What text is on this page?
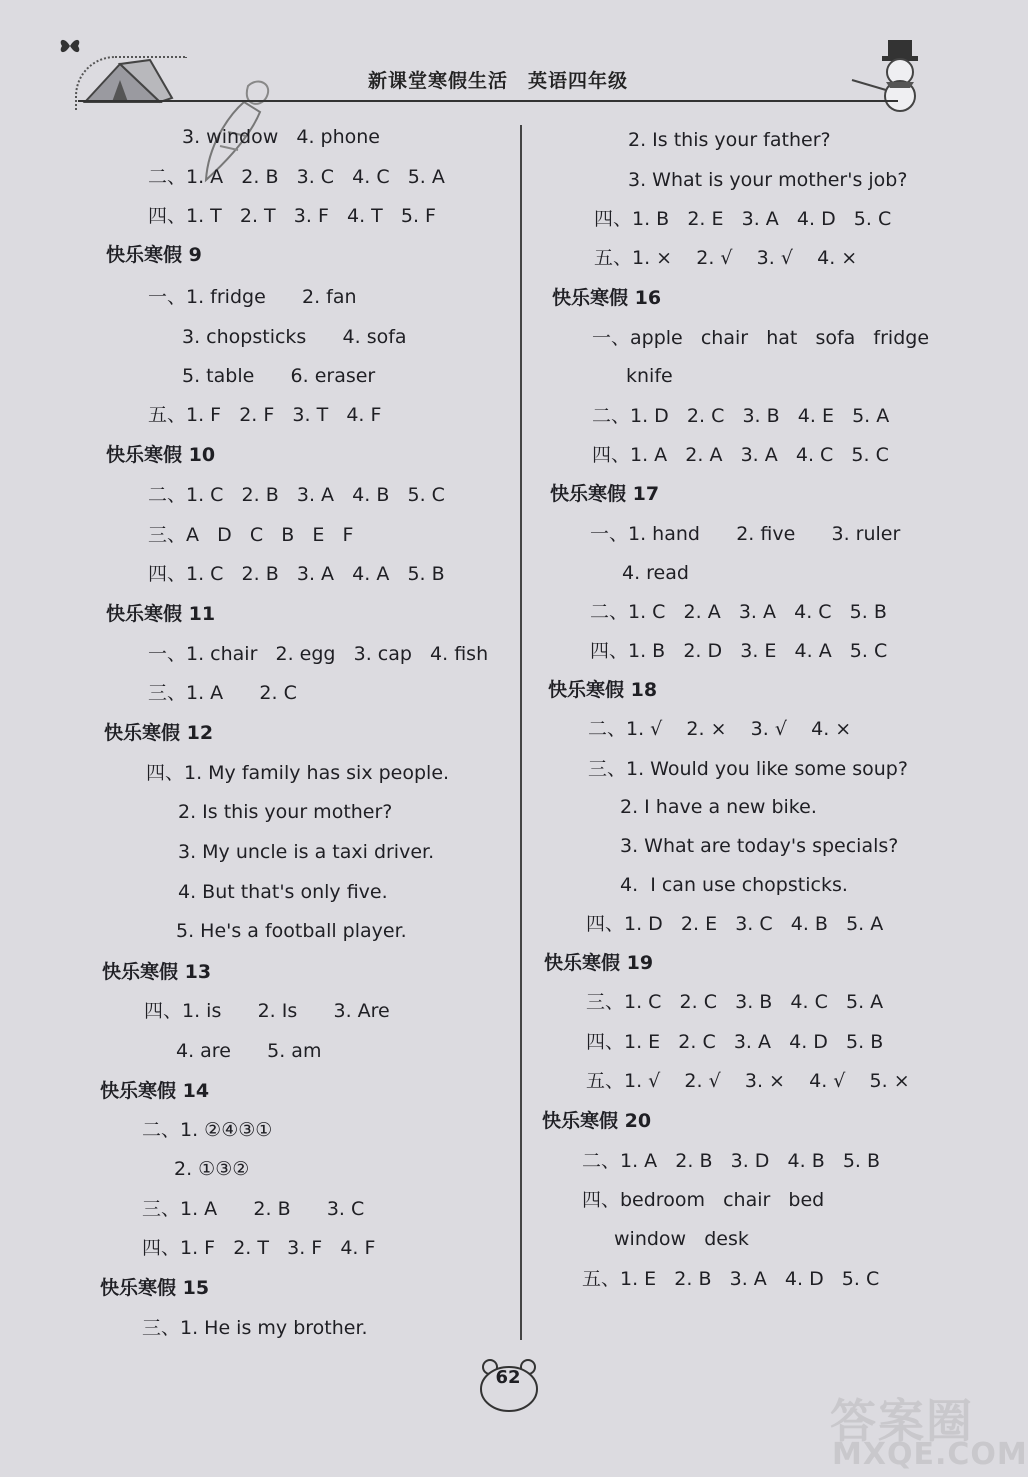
新课堂寒假生活　英语四年级
3. window   4. phone
二、1. A   2. B   3. C   4. C   5. A
四、1. T   2. T   3. F   4. T   5. F
快乐寒假 9
一、1. fridge      2. fan
3. chopsticks      4. sofa
5. table      6. eraser
五、1. F   2. F   3. T   4. F
快乐寒假 10
二、1. C   2. B   3. A   4. B   5. C
三、A   D   C   B   E   F
四、1. C   2. B   3. A   4. A   5. B
快乐寒假 11
一、1. chair   2. egg   3. cap   4. fish
三、1. A      2. C
快乐寒假 12
四、1. My family has six people.
2. Is this your mother?
3. My uncle is a taxi driver.
4. But that's only five.
5. He's a football player.
快乐寒假 13
四、1. is      2. Is      3. Are
4. are      5. am
快乐寒假 14
二、1. ②④③①
2. ①③②
三、1. A      2. B      3. C
四、1. F   2. T   3. F   4. F
快乐寒假 15
三、1. He is my brother.
2. Is this your father?
3. What is your mother's job?
四、1. B   2. E   3. A   4. D   5. C
五、1. ×    2. √    3. √    4. ×
快乐寒假 16
一、apple   chair   hat   sofa   fridge
knife
二、1. D   2. C   3. B   4. E   5. A
四、1. A   2. A   3. A   4. C   5. C
快乐寒假 17
一、1. hand      2. five      3. ruler
4. read
二、1. C   2. A   3. A   4. C   5. B
四、1. B   2. D   3. E   4. A   5. C
快乐寒假 18
二、1. √    2. ×    3. √    4. ×
三、1. Would you like some soup?
2. I have a new bike.
3. What are today's specials?
4.  I can use chopsticks.
四、1. D   2. E   3. C   4. B   5. A
快乐寒假 19
三、1. C   2. C   3. B   4. C   5. A
四、1. E   2. C   3. A   4. D   5. B
五、1. √    2. √    3. ×    4. √    5. ×
快乐寒假 20
二、1. A   2. B   3. D   4. B   5. B
四、bedroom   chair   bed
window   desk
五、1. E   2. B   3. A   4. D   5. C
62
答案圈
MXQE.COM
